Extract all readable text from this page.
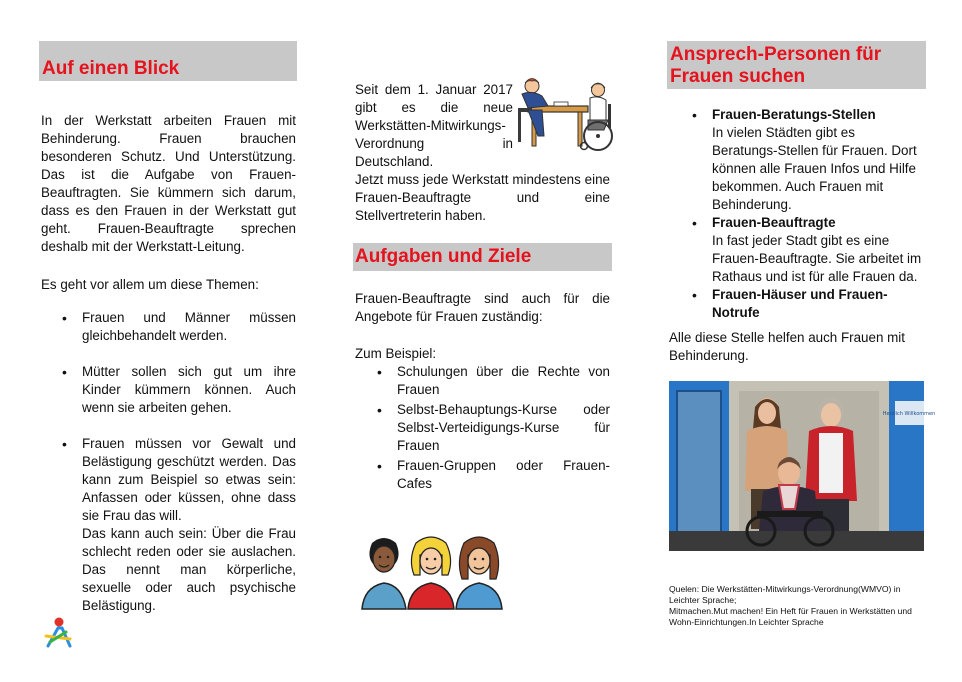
Auf einen Blick

In der Werkstatt arbeiten Frauen mit Behinderung. Frauen brauchen besonderen Schutz. Und Unterstützung. Das ist die Aufgabe von Frauen-Beauftragten. Sie kümmern sich darum, dass es den Frauen in der Werkstatt gut geht. Frauen-Beauftragte sprechen deshalb mit der Werkstatt-Leitung.

Es geht vor allem um diese Themen:

• Frauen und Männer müssen gleichbehandelt werden.
• Mütter sollen sich gut um ihre Kinder kümmern können. Auch wenn sie arbeiten gehen.
• Frauen müssen vor Gewalt und Belästigung geschützt werden. Das kann zum Beispiel so etwas sein: Anfassen oder küssen, ohne dass sie Frau das will.
Das kann auch sein: Über die Frau schlecht reden oder sie auslachen. Das nennt man körperliche, sexuelle oder auch psychische Belästigung.

Seit dem 1. Januar 2017 gibt es die neue Werkstätten-Mitwirkungs-Verordnung in Deutschland.

Jetzt muss jede Werkstatt mindestens eine Frauen-Beauftragte und eine Stellvertreterin haben.

Aufgaben und Ziele

Frauen-Beauftragte sind auch für die Angebote für Frauen zuständig:

Zum Beispiel:

• Schulungen über die Rechte von Frauen
• Selbst-Behauptungs-Kurse oder Selbst-Verteidigungs-Kurse für Frauen
• Frauen-Gruppen oder Frauen-Cafes
Ansprech-Personen für Frauen suchen
• Frauen-Beratungs-Stellen
In vielen Städten gibt es Beratungs-Stellen für Frauen. Dort können alle Frauen Infos und Hilfe bekommen. Auch Frauen mit Behinderung.
• Frauen-Beauftragte
In fast jeder Stadt gibt es eine Frauen-Beauftragte. Sie arbeitet im Rathaus und ist für alle Frauen da.
• Frauen-Häuser und Frauen-Notrufe

Alle diese Stelle helfen auch Frauen mit Behinderung.

Herzlich Willkommen
Quelen: Die Werkstätten-Mitwirkungs-Verordnung(WMVO) in Leichter Sprache;
Mitmachen.Mut machen! Ein Heft für Frauen in Werkstätten und Wohn-Einrichtungen.In Leichter Sprache
